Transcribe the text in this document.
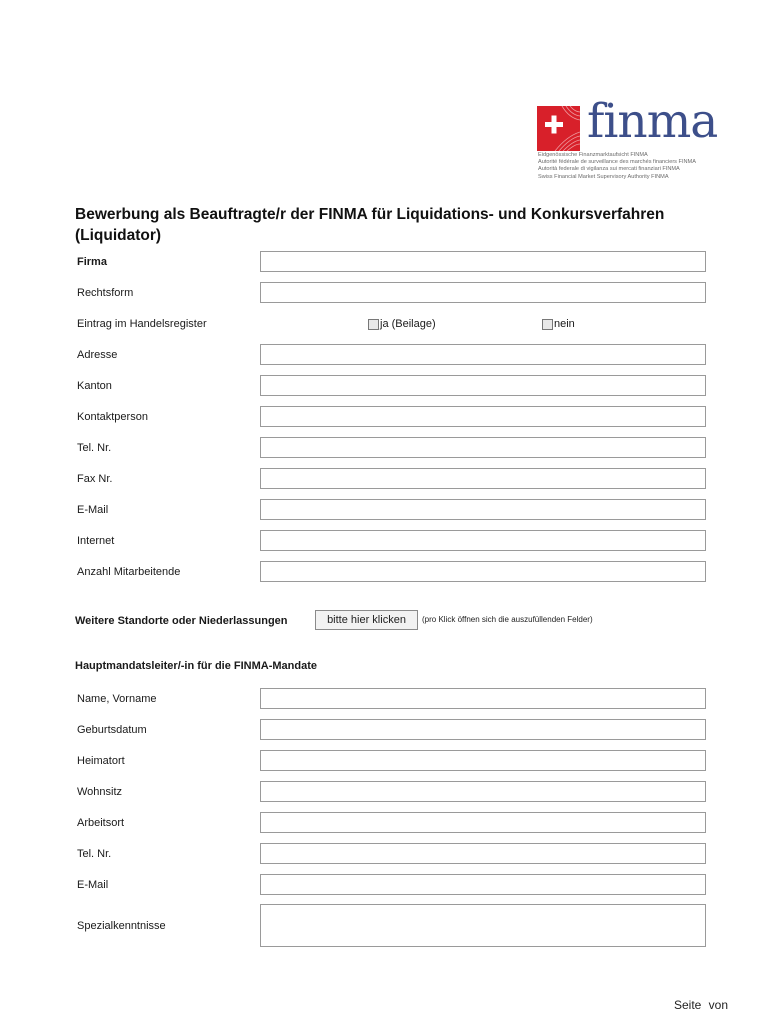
finma
Eidgenössische Finanzmarktaufsicht FINMA
Autorité fédérale de surveillance des marchés financiers FINMA
Autorità federale di vigilanza sui mercati finanziari FINMA
Swiss Financial Market Supervisory Authority FINMA
Bewerbung als Beauftragte/r der FINMA für Liquidations- und Konkursverfahren (Liquidator)
Firma
Rechtsform
Eintrag im Handelsregister	ja (Beilage)	nein
Adresse
Kanton
Kontaktperson
Tel. Nr.
Fax Nr.
E-Mail
Internet
Anzahl Mitarbeitende
Weitere Standorte oder Niederlassungen	bitte hier klicken	(pro Klick öffnen sich die auszufüllenden Felder)
Hauptmandatsleiter/-in für die FINMA-Mandate
Name, Vorname
Geburtsdatum
Heimatort
Wohnsitz
Arbeitsort
Tel. Nr.
E-Mail
Spezialkenntnisse
Seite von
